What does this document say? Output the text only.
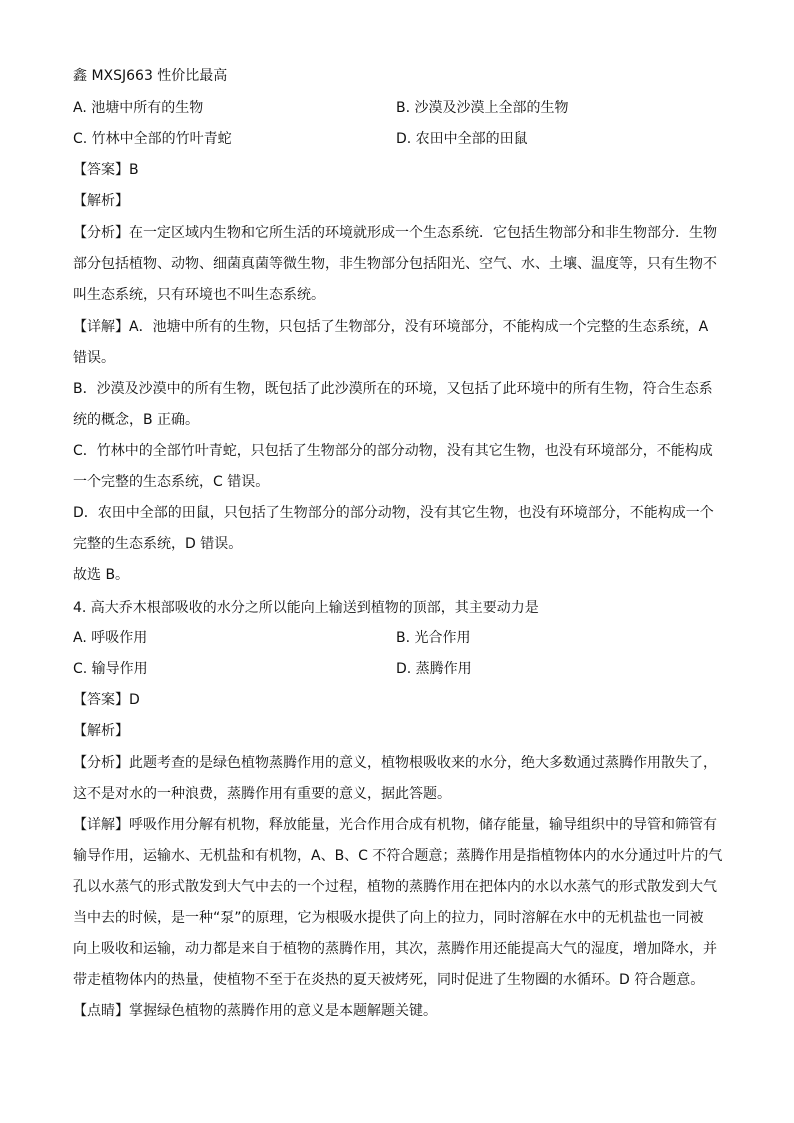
鑫 MXSJ663 性价比最高
A. 池塘中所有的生物	B. 沙漠及沙漠上全部的生物
C. 竹林中全部的竹叶青蛇	D. 农田中全部的田鼠
【答案】B
【解析】
【分析】在一定区域内生物和它所生活的环境就形成一个生态系统．它包括生物部分和非生物部分．生物
部分包括植物、动物、细菌真菌等微生物，非生物部分包括阳光、空气、水、土壤、温度等，只有生物不
叫生态系统，只有环境也不叫生态系统。
【详解】A．池塘中所有的生物，只包括了生物部分，没有环境部分，不能构成一个完整的生态系统，A
错误。
B．沙漠及沙漠中的所有生物，既包括了此沙漠所在的环境，又包括了此环境中的所有生物，符合生态系
统的概念，B 正确。
C．竹林中的全部竹叶青蛇，只包括了生物部分的部分动物，没有其它生物，也没有环境部分，不能构成
一个完整的生态系统，C 错误。
D．农田中全部的田鼠，只包括了生物部分的部分动物，没有其它生物，也没有环境部分，不能构成一个
完整的生态系统，D 错误。
故选 B。
4. 高大乔木根部吸收的水分之所以能向上输送到植物的顶部，其主要动力是
A. 呼吸作用	B. 光合作用
C. 输导作用	D. 蒸腾作用
【答案】D
【解析】
【分析】此题考查的是绿色植物蒸腾作用的意义，植物根吸收来的水分，绝大多数通过蒸腾作用散失了，
这不是对水的一种浪费，蒸腾作用有重要的意义，据此答题。
【详解】呼吸作用分解有机物，释放能量，光合作用合成有机物，储存能量，输导组织中的导管和筛管有
输导作用，运输水、无机盐和有机物，A、B、C 不符合题意；蒸腾作用是指植物体内的水分通过叶片的气
孔以水蒸气的形式散发到大气中去的一个过程，植物的蒸腾作用在把体内的水以水蒸气的形式散发到大气
当中去的时候，是一种“泵”的原理，它为根吸水提供了向上的拉力，同时溶解在水中的无机盐也一同被
向上吸收和运输，动力都是来自于植物的蒸腾作用，其次，蒸腾作用还能提高大气的湿度，增加降水，并
带走植物体内的热量，使植物不至于在炎热的夏天被烤死，同时促进了生物圈的水循环。D 符合题意。
【点睛】掌握绿色植物的蒸腾作用的意义是本题解题关键。
